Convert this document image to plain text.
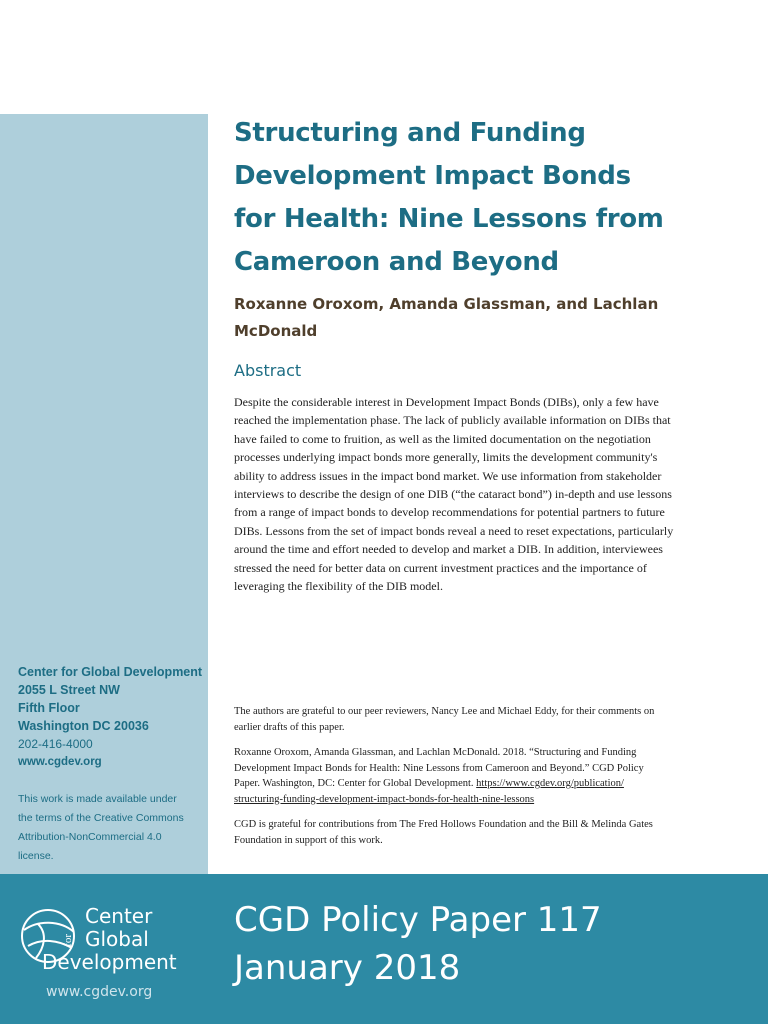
Structuring and Funding
Development Impact Bonds
for Health: Nine Lessons from
Cameroon and Beyond
Roxanne Oroxom, Amanda Glassman, and Lachlan
McDonald
Abstract
Despite the considerable interest in Development Impact Bonds (DIBs), only a few have
reached the implementation phase. The lack of publicly available information on DIBs that
have failed to come to fruition, as well as the limited documentation on the negotiation
processes underlying impact bonds more generally, limits the development community's
ability to address issues in the impact bond market. We use information from stakeholder
interviews to describe the design of one DIB (“the cataract bond”) in-depth and use lessons
from a range of impact bonds to develop recommendations for potential partners to future
DIBs. Lessons from the set of impact bonds reveal a need to reset expectations, particularly
around the time and effort needed to develop and market a DIB. In addition, interviewees
stressed the need for better data on current investment practices and the importance of
leveraging the flexibility of the DIB model.

The authors are grateful to our peer reviewers, Nancy Lee and Michael Eddy, for their comments on
earlier drafts of this paper.

Roxanne Oroxom, Amanda Glassman, and Lachlan McDonald. 2018. “Structuring and Funding
Development Impact Bonds for Health: Nine Lessons from Cameroon and Beyond.” CGD Policy
Paper. Washington, DC: Center for Global Development. https://www.cgdev.org/publication/
structuring-funding-development-impact-bonds-for-health-nine-lessons

CGD is grateful for contributions from The Fred Hollows Foundation and the Bill & Melinda Gates
Foundation in support of this work.

Center for Global Development
2055 L Street NW
Fifth Floor
Washington DC 20036
202-416-4000
www.cgdev.org
This work is made available under
the terms of the Creative Commons
Attribution-NonCommercial 4.0
license.
Center
Global
Development
for
www.cgdev.org
CGD Policy Paper 117
January 2018
